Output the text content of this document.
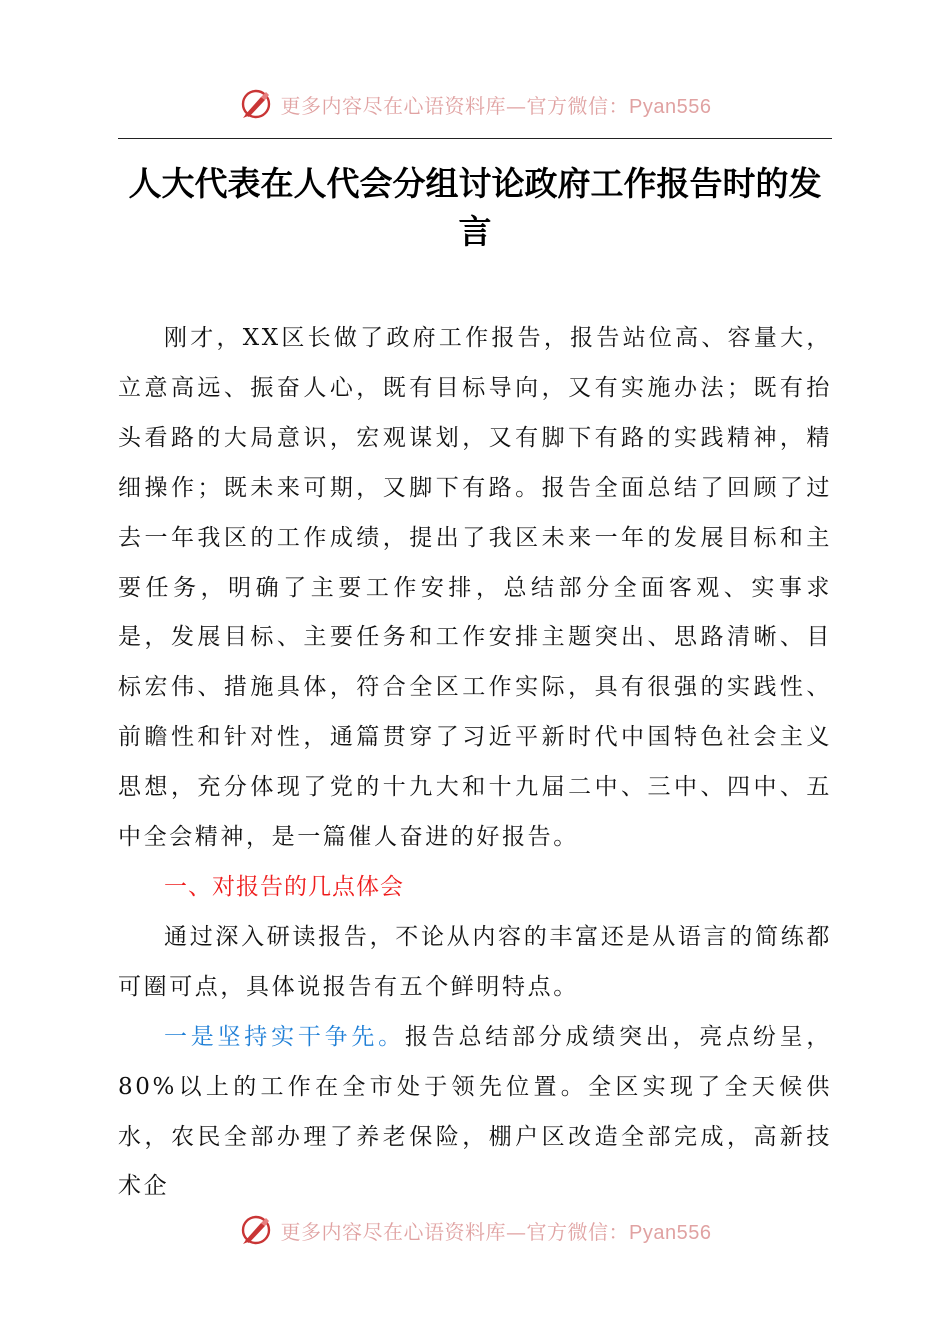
更多内容尽在心语资料库—官方微信：Pyan556
人大代表在人代会分组讨论政府工作报告时的发言

刚才，XX区长做了政府工作报告，报告站位高、容量大，立意高远、振奋人心，既有目标导向，又有实施办法；既有抬头看路的大局意识，宏观谋划，又有脚下有路的实践精神，精细操作；既未来可期，又脚下有路。报告全面总结了回顾了过去一年我区的工作成绩，提出了我区未来一年的发展目标和主要任务，明确了主要工作安排，总结部分全面客观、实事求是，发展目标、主要任务和工作安排主题突出、思路清晰、目标宏伟、措施具体，符合全区工作实际，具有很强的实践性、前瞻性和针对性，通篇贯穿了习近平新时代中国特色社会主义思想，充分体现了党的十九大和十九届二中、三中、四中、五中全会精神，是一篇催人奋进的好报告。

一、对报告的几点体会

通过深入研读报告，不论从内容的丰富还是从语言的简练都可圈可点，具体说报告有五个鲜明特点。

一是坚持实干争先。报告总结部分成绩突出，亮点纷呈，80%以上的工作在全市处于领先位置。全区实现了全天候供水，农民全部办理了养老保险，棚户区改造全部完成，高新技术企

更多内容尽在心语资料库—官方微信：Pyan556
